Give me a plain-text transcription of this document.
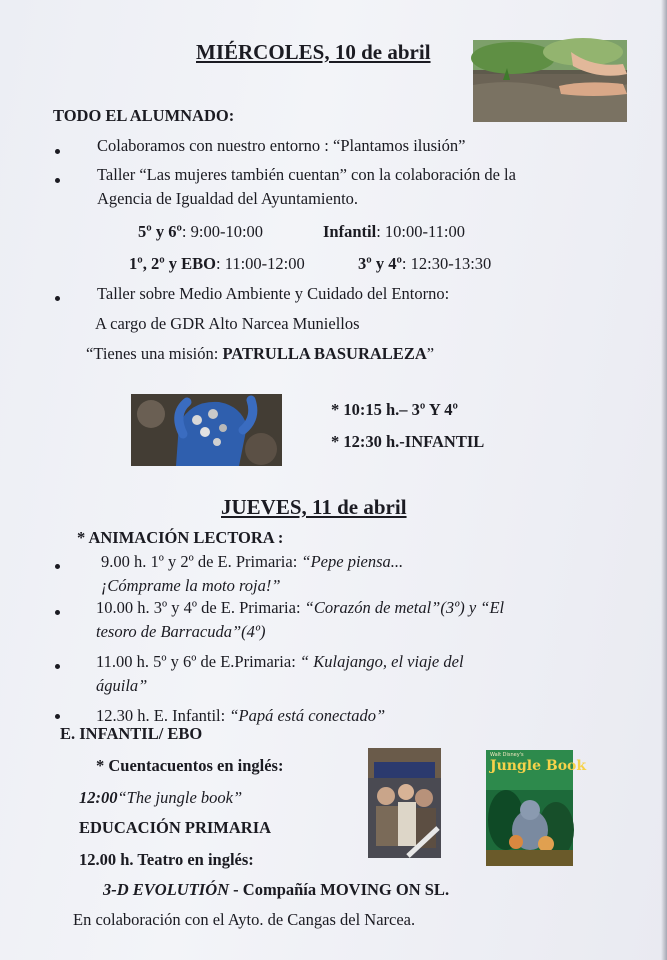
MIÉRCOLES, 10 de abril
TODO EL ALUMNADO:
Colaboramos con nuestro entorno : “Plantamos ilusión”
Taller “Las mujeres también cuentan” con la colaboración de la
Agencia de Igualdad del Ayuntamiento.
5º y 6º: 9:00-10:00	Infantil: 10:00-11:00
1º, 2º y EBO: 11:00-12:00	3º y 4º: 12:30-13:30
Taller sobre Medio Ambiente y Cuidado del Entorno:
A cargo de GDR Alto Narcea Muniellos
“Tienes una misión: PATRULLA BASURALEZA”
* 10:15 h.– 3º Y 4º
* 12:30 h.-INFANTIL
JUEVES, 11 de abril
* ANIMACIÓN LECTORA :
9.00 h. 1º y 2º de E. Primaria: “Pepe piensa...
¡Cómprame la moto roja!”
10.00 h. 3º y 4º de E. Primaria: “Corazón de metal”(3º) y “El
tesoro de Barracuda”(4º)
11.00 h. 5º y 6º de E.Primaria: “ Kulajango, el viaje del
águila”
12.30 h. E. Infantil: “Papá está conectado”
E. INFANTIL/ EBO
* Cuentacuentos en inglés:
12:00“The jungle book”
EDUCACIÓN PRIMARIA
12.00 h. Teatro en inglés:
3-D EVOLUTIÓN - Compañía MOVING ON SL.
En colaboración con el Ayto. de Cangas del Narcea.
Walt Disney's
Jungle Book
